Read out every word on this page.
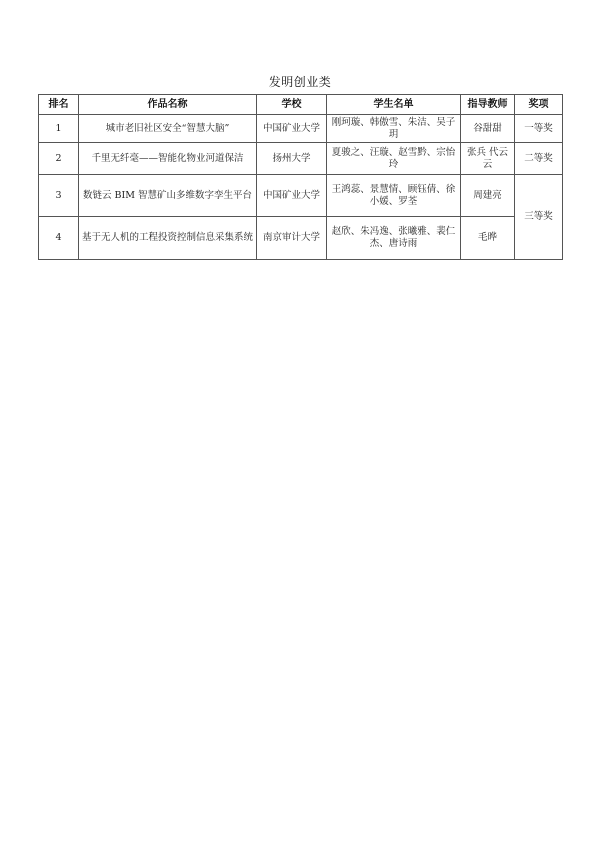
发明创业类
排名	作品名称	学校	学生名单	指导教师	奖项
1	城市老旧社区安全“智慧大脑”	中国矿业大学	刚珂璇、韩傲雪、朱洁、吴子玥	谷甜甜	一等奖
2	千里无纤毫——智能化物业河道保洁	扬州大学	夏骏之、汪璇、赵雪黔、宗怡玲	张兵 代云云	二等奖
3	数链云 BIM 智慧矿山多维数字孪生平台	中国矿业大学	王鸿蕊、景慧情、顾钰倩、徐小媛、罗荃	周建亮	三等奖
4	基于无人机的工程投资控制信息采集系统	南京审计大学	赵欣、朱冯逸、张曦雅、裴仁杰、唐诗雨	毛晔	
